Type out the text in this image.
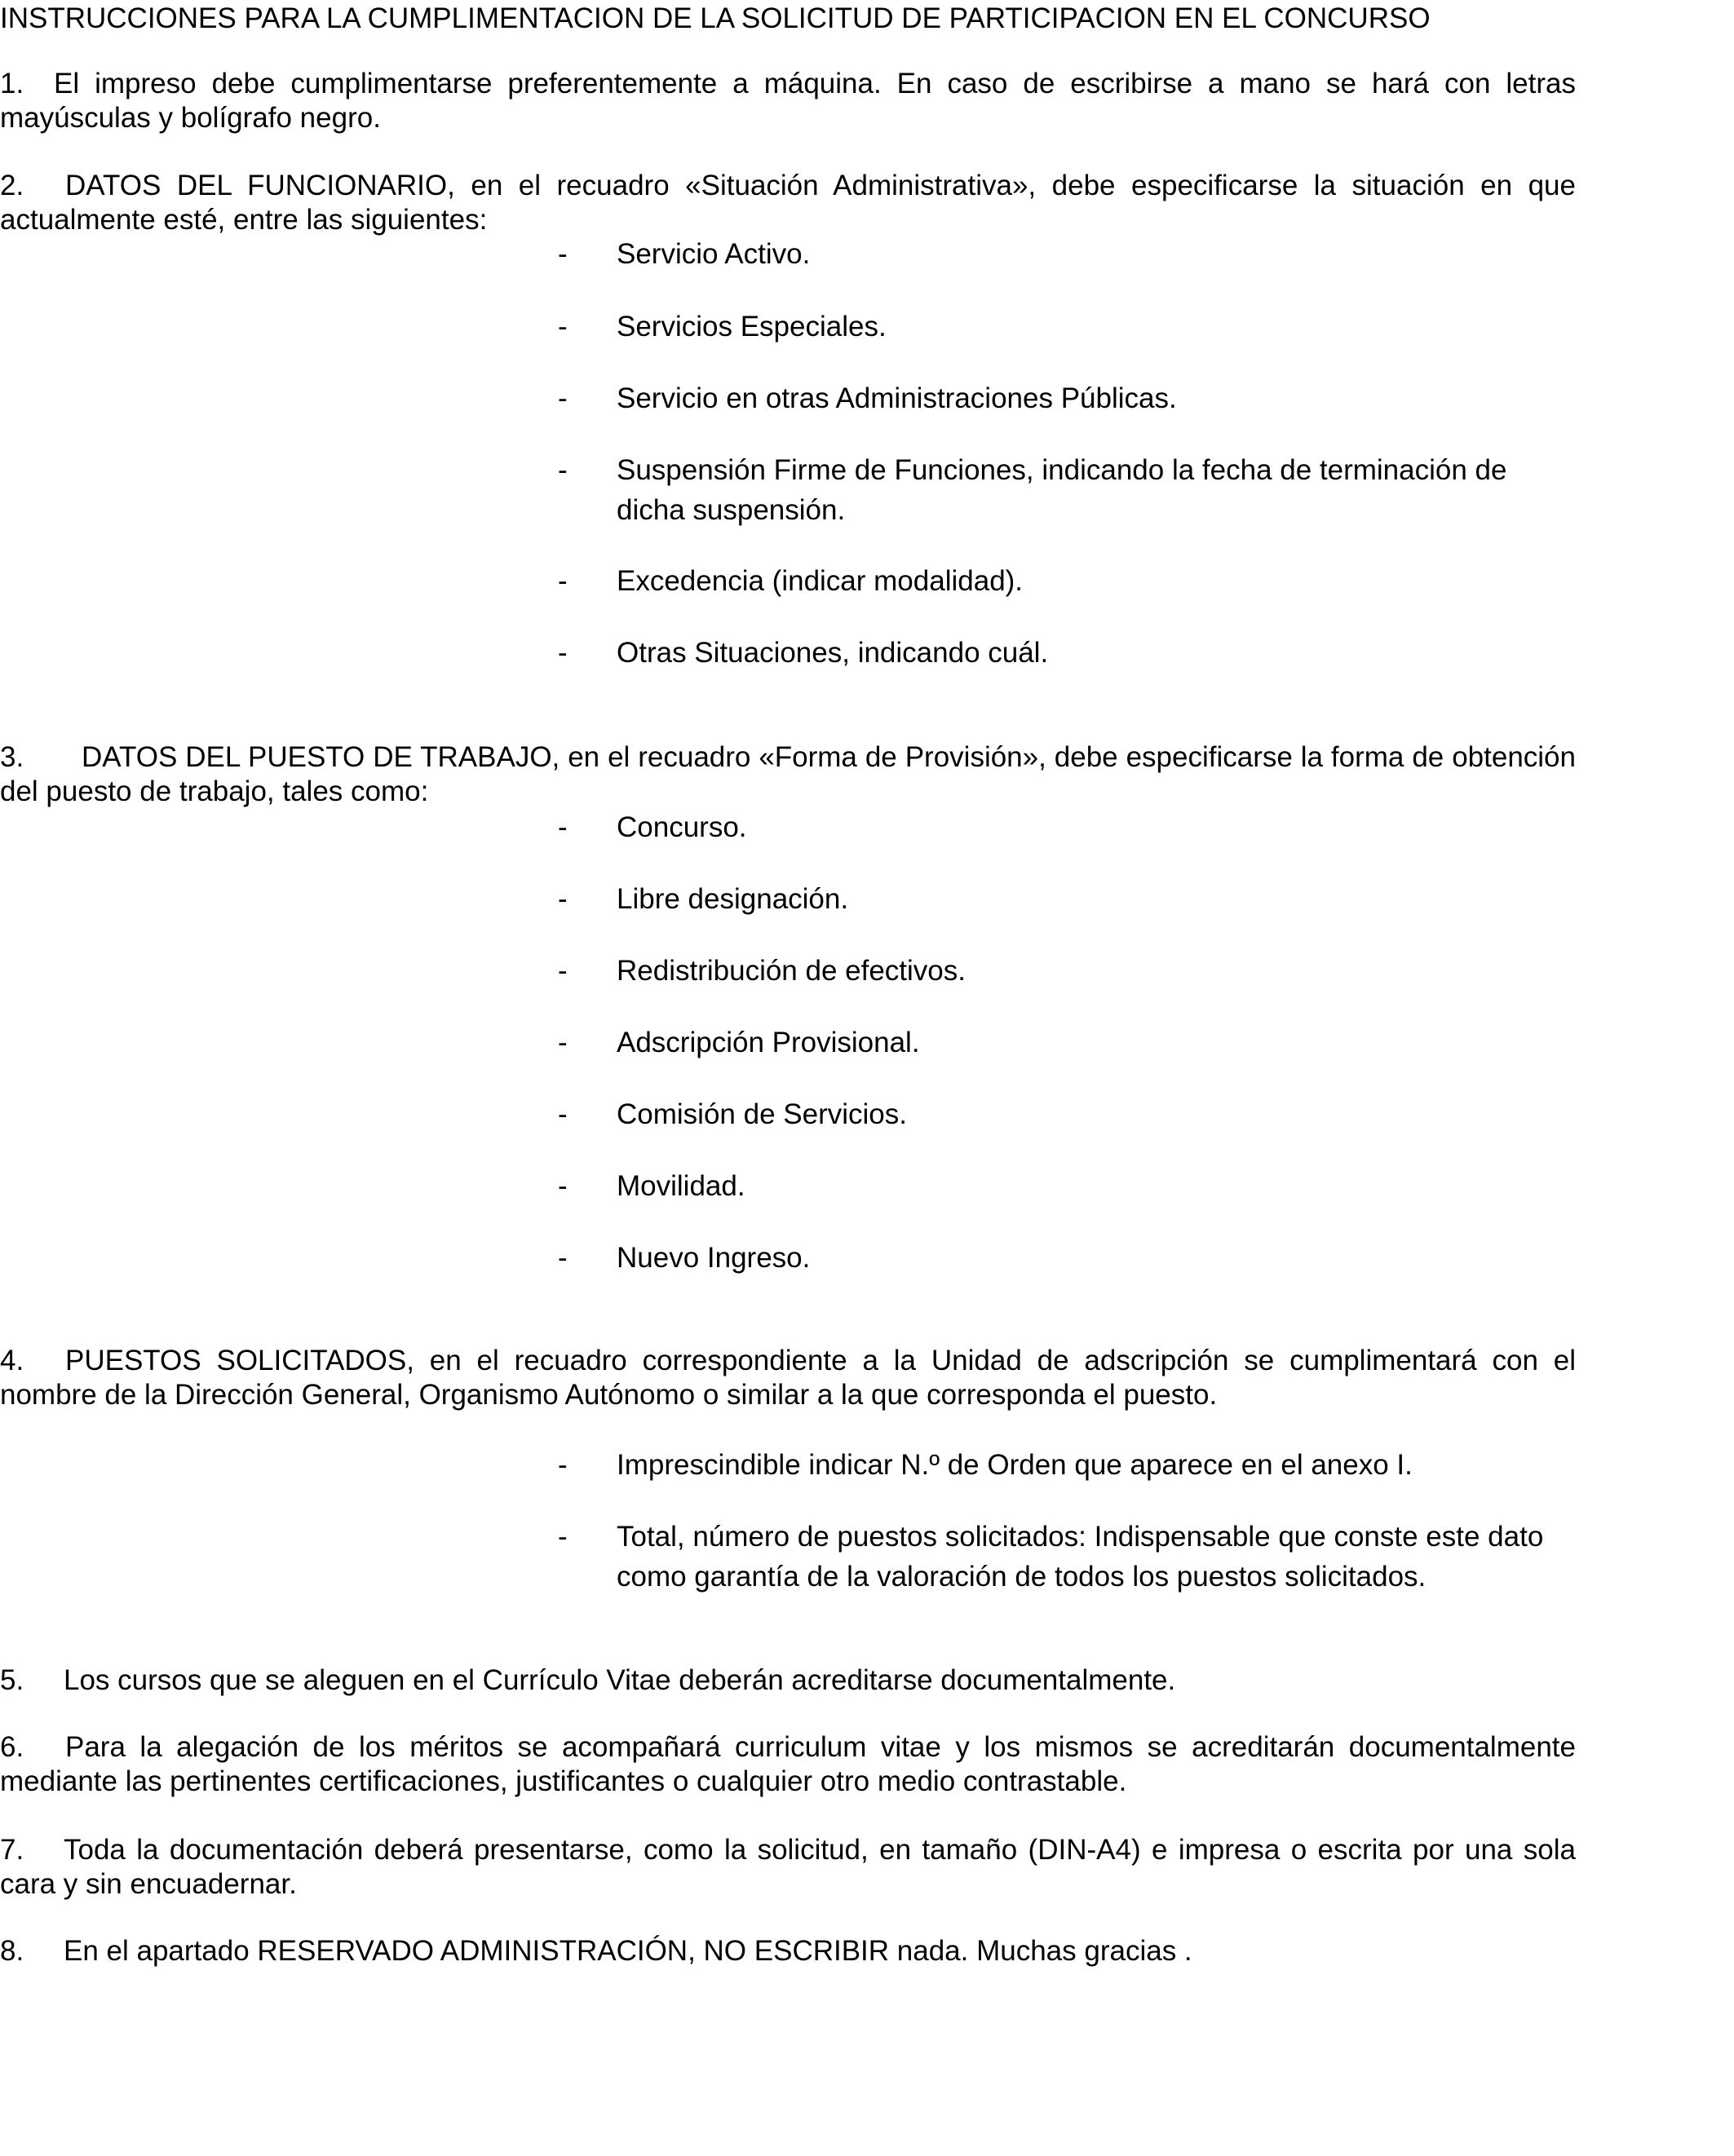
INSTRUCCIONES PARA LA CUMPLIMENTACION DE LA SOLICITUD DE PARTICIPACION EN EL CONCURSO
1. El impreso debe cumplimentarse preferentemente a máquina. En caso de escribirse a mano se hará con letras mayúsculas y bolígrafo negro.
2. DATOS DEL FUNCIONARIO, en el recuadro «Situación Administrativa», debe especificarse la situación en que actualmente esté, entre las siguientes:
- Servicio Activo.
- Servicios Especiales.
- Servicio en otras Administraciones Públicas.
- Suspensión Firme de Funciones, indicando la fecha de terminación de dicha suspensión.
- Excedencia (indicar modalidad).
- Otras Situaciones, indicando cuál.
3. DATOS DEL PUESTO DE TRABAJO, en el recuadro «Forma de Provisión», debe especificarse la forma de obtención del puesto de trabajo, tales como:
- Concurso.
- Libre designación.
- Redistribución de efectivos.
- Adscripción Provisional.
- Comisión de Servicios.
- Movilidad.
- Nuevo Ingreso.
4. PUESTOS SOLICITADOS, en el recuadro correspondiente a la Unidad de adscripción se cumplimentará con el nombre de la Dirección General, Organismo Autónomo o similar a la que corresponda el puesto.
- Imprescindible indicar N.º de Orden que aparece en el anexo I.
- Total, número de puestos solicitados: Indispensable que conste este dato como garantía de la valoración de todos los puestos solicitados.
5. Los cursos que se aleguen en el Currículo Vitae deberán acreditarse documentalmente.
6. Para la alegación de los méritos se acompañará curriculum vitae y los mismos se acreditarán documentalmente mediante las pertinentes certificaciones, justificantes o cualquier otro medio contrastable.
7. Toda la documentación deberá presentarse, como la solicitud, en tamaño (DIN-A4) e impresa o escrita por una sola cara y sin encuadernar.
8. En el apartado RESERVADO ADMINISTRACIÓN, NO ESCRIBIR nada. Muchas gracias .
